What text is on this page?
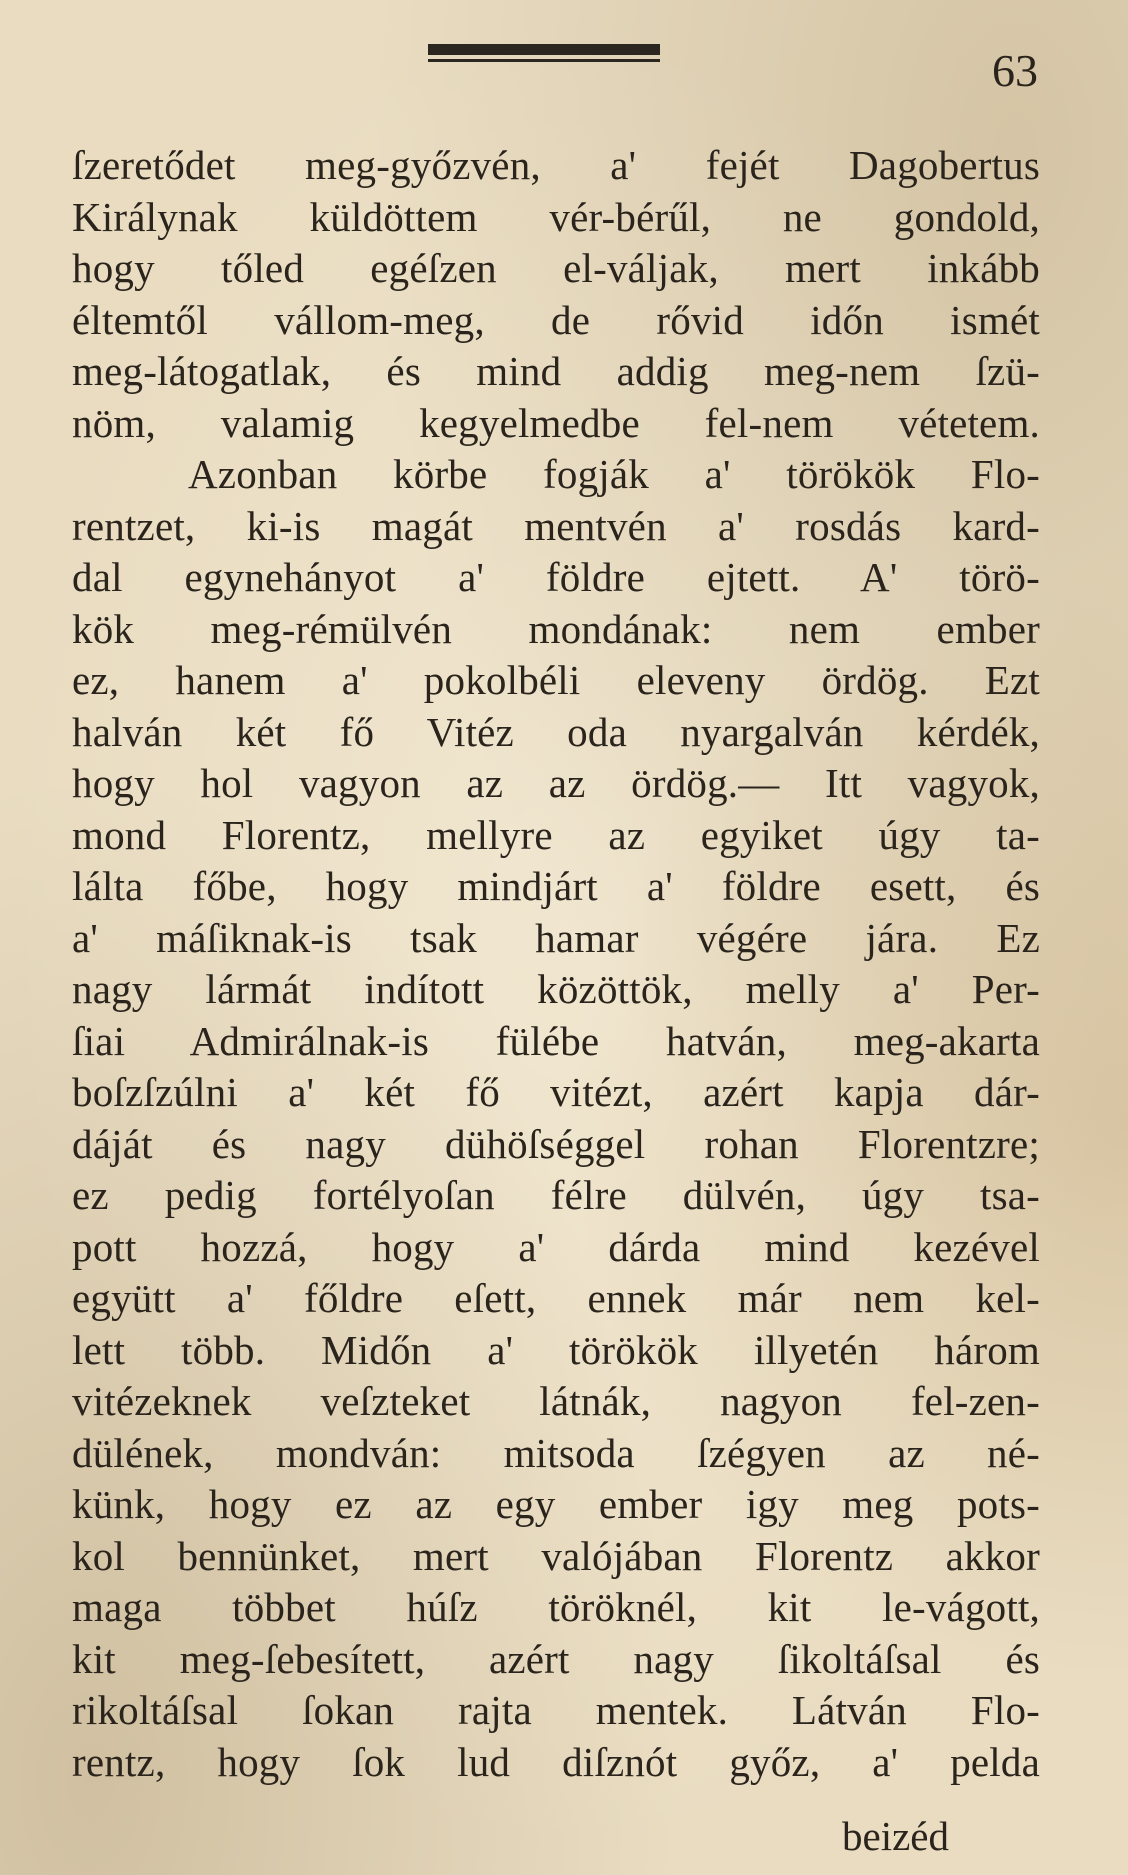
63
ſzeretődet meg-győzvén, a' fejét Dagobertus
Királynak küldöttem vér-bérűl, ne gondold,
hogy tőled egéſzen el-váljak, mert inkább
éltemtől vállom-meg, de rővid időn ismét
meg-látogatlak, és mind addig meg-nem ſzü-
nöm, valamig kegyelmedbe fel-nem vétetem.
Azonban körbe fogják a' törökök Flo-
rentzet, ki-is magát mentvén a' rosdás kard-
dal egynehányot a' földre ejtett. A' törö-
kök meg-rémülvén mondának: nem ember
ez, hanem a' pokolbéli eleveny ördög. Ezt
halván két fő Vitéz oda nyargalván kérdék,
hogy hol vagyon az az ördög.— Itt vagyok,
mond Florentz, mellyre az egyiket úgy ta-
lálta főbe, hogy mindjárt a' földre esett, és
a' máſiknak-is tsak hamar végére jára. Ez
nagy lármát indított közöttök, melly a' Per-
ſiai Admirálnak-is fülébe hatván, meg-akarta
boſzſzúlni a' két fő vitézt, azért kapja dár-
dáját és nagy dühöſséggel rohan Florentzre;
ez pedig fortélyoſan félre dülvén, úgy tsa-
pott hozzá, hogy a' dárda mind kezével
együtt a' főldre eſett, ennek már nem kel-
lett több. Midőn a' törökök illyetén három
vitézeknek veſzteket látnák, nagyon fel-zen-
dülének, mondván: mitsoda ſzégyen az né-
künk, hogy ez az egy ember igy meg pots-
kol bennünket, mert valójában Florentz akkor
maga többet húſz töröknél, kit le-vágott,
kit meg-ſebesített, azért nagy ſikoltáſsal és
rikoltáſsal ſokan rajta mentek. Látván Flo-
rentz, hogy ſok lud diſznót győz, a' pelda
beizéd
